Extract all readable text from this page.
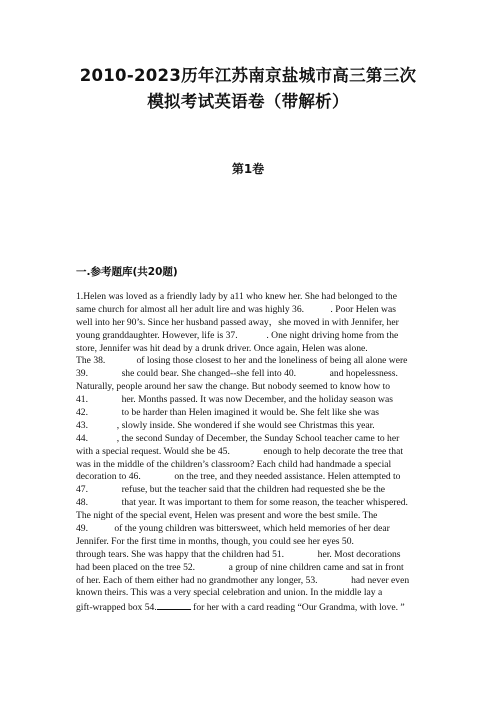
2010-2023历年江苏南京盐城市高三第三次
模拟考试英语卷（带解析）
第1卷
一.参考题库(共20题)
1.Helen was loved as a friendly lady by a11 who knew her. She had belonged to the
same church for almost all her adult lire and was highly 36.           . Poor Helen was
well into her 90’s. Since her husband passed away，she moved in with Jennifer, her
young granddaughter. However, life is 37.            . One night driving home from the
store, Jennifer was hit dead by a drunk driver. Once again, Helen was alone.
The 38.             of losing those closest to her and the loneliness of being all alone were
39.              she could bear. She changed--she fell into 40.              and hopelessness.
Naturally, people around her saw the change. But nobody seemed to know how to
41.              her. Months passed. It was now December, and the holiday season was
42.              to be harder than Helen imagined it would be. She felt like she was
43.            , slowly inside. She wondered if she would see Christmas this year.
44.            , the second Sunday of December, the Sunday School teacher came to her
with a special request. Would she be 45.              enough to help decorate the tree that
was in the middle of the children’s classroom? Each child had handmade a special
decoration to 46.              on the tree, and they needed assistance. Helen attempted to
47.              refuse, but the teacher said that the children had requested she be the
48.              that year. It was important to them for some reason, the teacher whispered.
The night of the special event, Helen was present and wore the best smile. The
49.           of the young children was bittersweet, which held memories of her dear
Jennifer. For the first time in months, though, you could see her eyes 50.
through tears. She was happy that the children had 51.              her. Most decorations
had been placed on the tree 52.              a group of nine children came and sat in front
of her. Each of them either had no grandmother any longer, 53.              had never even
known theirs. This was a very special celebration and union. In the middle lay a
gift-wrapped box 54.	for her with a card reading “Our Grandma, with love. ”
